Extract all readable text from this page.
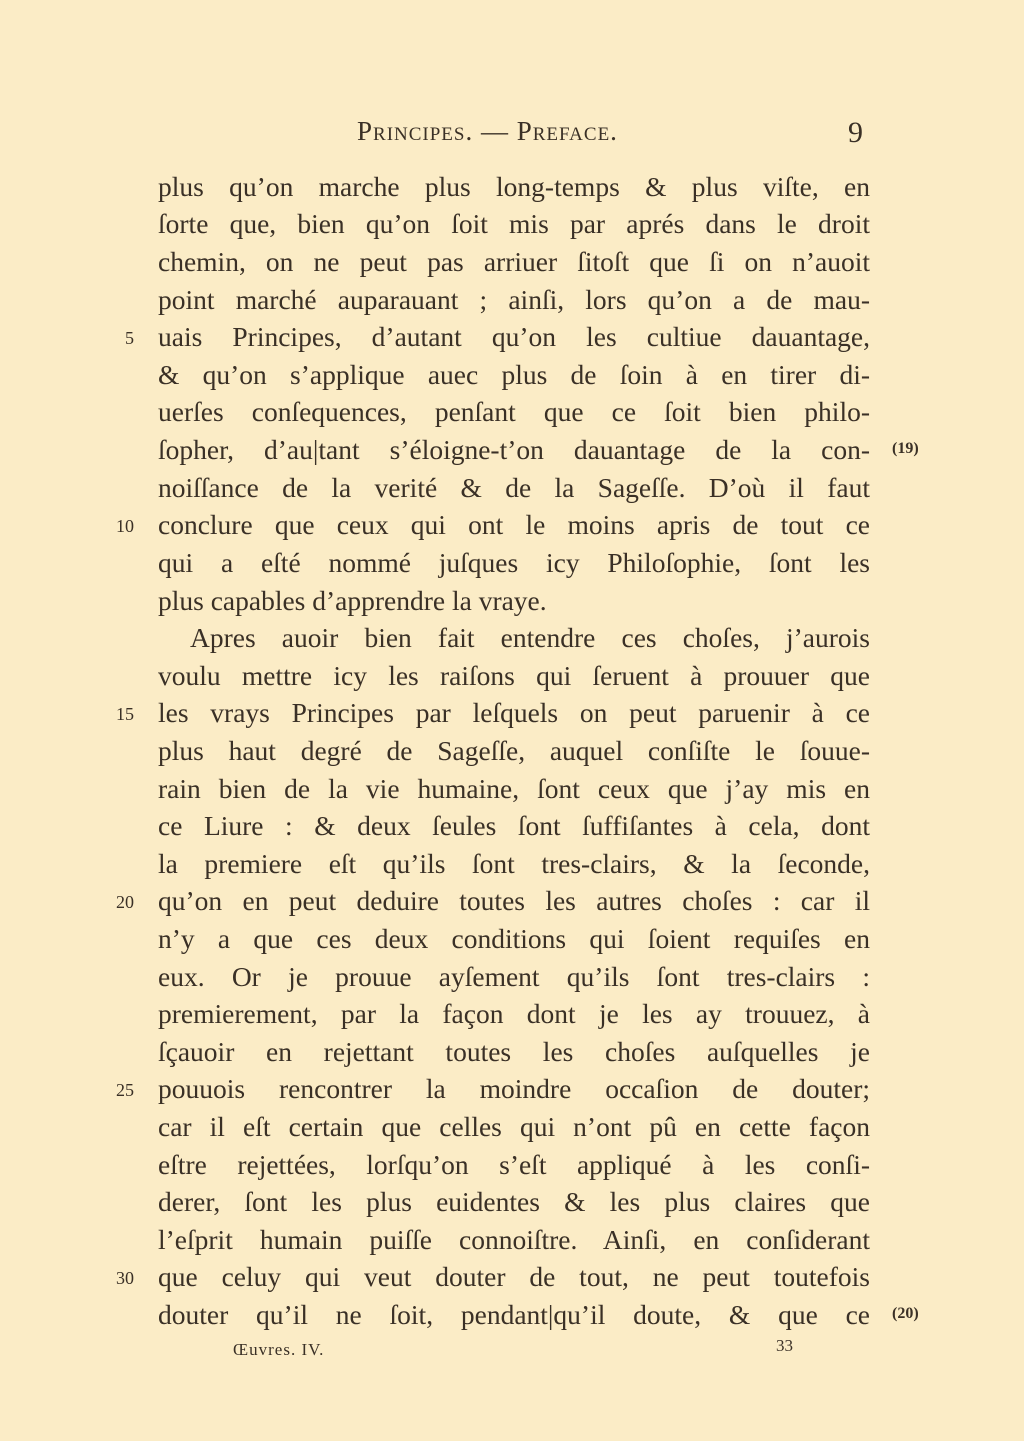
Principes. — Preface.	9
plus qu’on marche plus long-temps & plus viſte, en
ſorte que, bien qu’on ſoit mis par aprés dans le droit
chemin, on ne peut pas arriuer ſitoſt que ſi on n’auoit
point marché auparauant ; ainſi, lors qu’on a de mau-
uais Principes, d’autant qu’on les cultiue dauantage,
& qu’on s’applique auec plus de ſoin à en tirer di-
uerſes conſequences, penſant que ce ſoit bien philo-
ſopher, d’au|tant s’éloigne-t’on dauantage de la con-
noiſſance de la verité & de la Sageſſe. D’où il faut
conclure que ceux qui ont le moins apris de tout ce
qui a eſté nommé juſques icy Philoſophie, ſont les
plus capables d’apprendre la vraye.
Apres auoir bien fait entendre ces choſes, j’aurois
voulu mettre icy les raiſons qui ſeruent à prouuer que
les vrays Principes par leſquels on peut paruenir à ce
plus haut degré de Sageſſe, auquel conſiſte le ſouue-
rain bien de la vie humaine, ſont ceux que j’ay mis en
ce Liure : & deux ſeules ſont ſuffiſantes à cela, dont
la premiere eſt qu’ils ſont tres-clairs, & la ſeconde,
qu’on en peut deduire toutes les autres choſes : car il
n’y a que ces deux conditions qui ſoient requiſes en
eux. Or je prouue ayſement qu’ils ſont tres-clairs :
premierement, par la façon dont je les ay trouuez, à
ſçauoir en rejettant toutes les choſes auſquelles je
pouuois rencontrer la moindre occaſion de douter;
car il eſt certain que celles qui n’ont pû en cette façon
eſtre rejettées, lorſqu’on s’eſt appliqué à les conſi-
derer, ſont les plus euidentes & les plus claires que
l’eſprit humain puiſſe connoiſtre. Ainſi, en conſiderant
que celuy qui veut douter de tout, ne peut toutefois
douter qu’il ne ſoit, pendant|qu’il doute, & que ce
5
10
15
20
25
30
(19)
(20)
Œuvres. IV.	33
